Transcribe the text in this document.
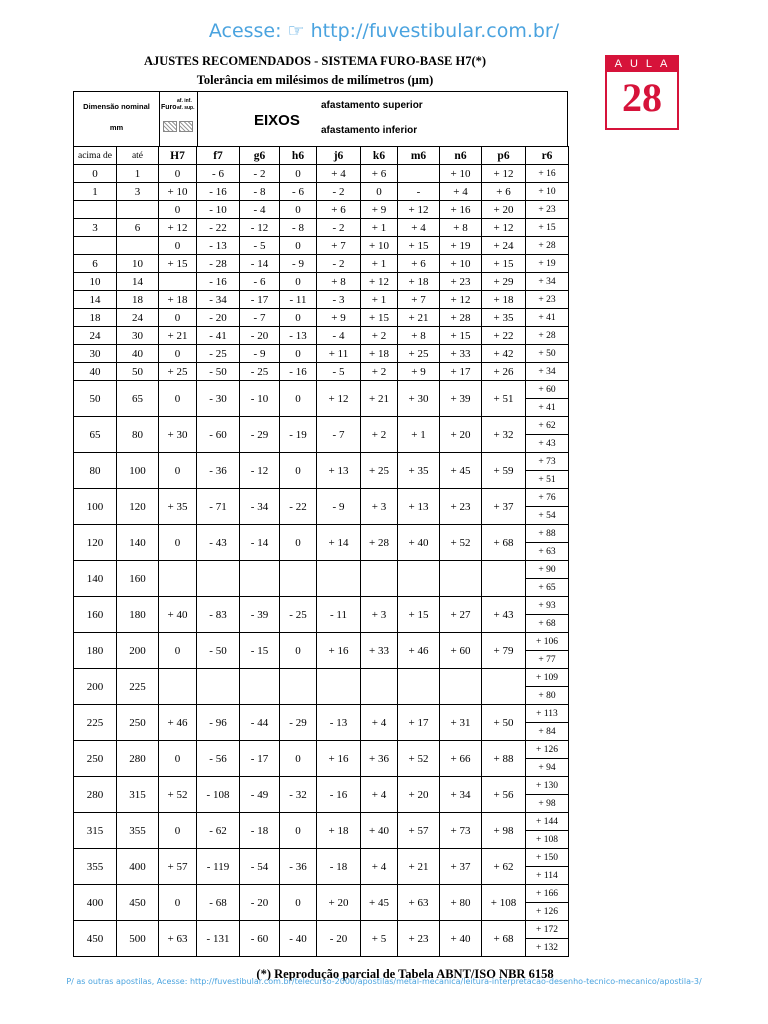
Acesse: ☞ http://fuvestibular.com.br/
AULA
28
AJUSTES RECOMENDADOS - SISTEMA FURO-BASE H7(*)
Tolerância em milésimos de milímetros (μm)
Dimensão nominal
mm
Furo
af. inf.
af. sup.
EIXOS
afastamento superior
afastamento inferior
acima de	até	H7	f7	g6	h6	j6	k6	m6	n6	p6	r6
0	1	0	- 6	- 2	0	+ 4	+ 6		+ 10	+ 12	+ 16
1	3	+ 10	- 16	- 8	- 6	- 2	0	-	+ 4	+ 6	+ 10
		0	- 10	- 4	0	+ 6	+ 9	+ 12	+ 16	+ 20	+ 23
3	6	+ 12	- 22	- 12	- 8	- 2	+ 1	+ 4	+ 8	+ 12	+ 15
		0	- 13	- 5	0	+ 7	+ 10	+ 15	+ 19	+ 24	+ 28
6	10	+ 15	- 28	- 14	- 9	- 2	+ 1	+ 6	+ 10	+ 15	+ 19
10	14		- 16	- 6	0	+ 8	+ 12	+ 18	+ 23	+ 29	+ 34
14	18	+ 18	- 34	- 17	- 11	- 3	+ 1	+ 7	+ 12	+ 18	+ 23
18	24	0	- 20	- 7	0	+ 9	+ 15	+ 21	+ 28	+ 35	+ 41
24	30	+ 21	- 41	- 20	- 13	- 4	+ 2	+ 8	+ 15	+ 22	+ 28
30	40	0	- 25	- 9	0	+ 11	+ 18	+ 25	+ 33	+ 42	+ 50
40	50	+ 25	- 50	- 25	- 16	- 5	+ 2	+ 9	+ 17	+ 26	+ 34
50	65	0	- 30	- 10	0	+ 12	+ 21	+ 30	+ 39	+ 51	+ 60
											+ 41
65	80	+ 30	- 60	- 29	- 19	- 7	+ 2	+ 1	+ 20	+ 32	+ 62
											+ 43
80	100	0	- 36	- 12	0	+ 13	+ 25	+ 35	+ 45	+ 59	+ 73
											+ 51
100	120	+ 35	- 71	- 34	- 22	- 9	+ 3	+ 13	+ 23	+ 37	+ 76
											+ 54
120	140	0	- 43	- 14	0	+ 14	+ 28	+ 40	+ 52	+ 68	+ 88
											+ 63
140	160										+ 90
											+ 65
160	180	+ 40	- 83	- 39	- 25	- 11	+ 3	+ 15	+ 27	+ 43	+ 93
											+ 68
180	200	0	- 50	- 15	0	+ 16	+ 33	+ 46	+ 60	+ 79	+ 106
											+ 77
200	225										+ 109
											+ 80
225	250	+ 46	- 96	- 44	- 29	- 13	+ 4	+ 17	+ 31	+ 50	+ 113
											+ 84
250	280	0	- 56	- 17	0	+ 16	+ 36	+ 52	+ 66	+ 88	+ 126
											+ 94
280	315	+ 52	- 108	- 49	- 32	- 16	+ 4	+ 20	+ 34	+ 56	+ 130
											+ 98
315	355	0	- 62	- 18	0	+ 18	+ 40	+ 57	+ 73	+ 98	+ 144
											+ 108
355	400	+ 57	- 119	- 54	- 36	- 18	+ 4	+ 21	+ 37	+ 62	+ 150
											+ 114
400	450	0	- 68	- 20	0	+ 20	+ 45	+ 63	+ 80	+ 108	+ 166
											+ 126
450	500	+ 63	- 131	- 60	- 40	- 20	+ 5	+ 23	+ 40	+ 68	+ 172
											+ 132
(*) Reprodução parcial de Tabela ABNT/ISO NBR 6158
P/ as outras apostilas, Acesse: http://fuvestibular.com.br/telecurso-2000/apostilas/metal-mecanica/leitura-interpretacao-desenho-tecnico-mecanico/apostila-3/
